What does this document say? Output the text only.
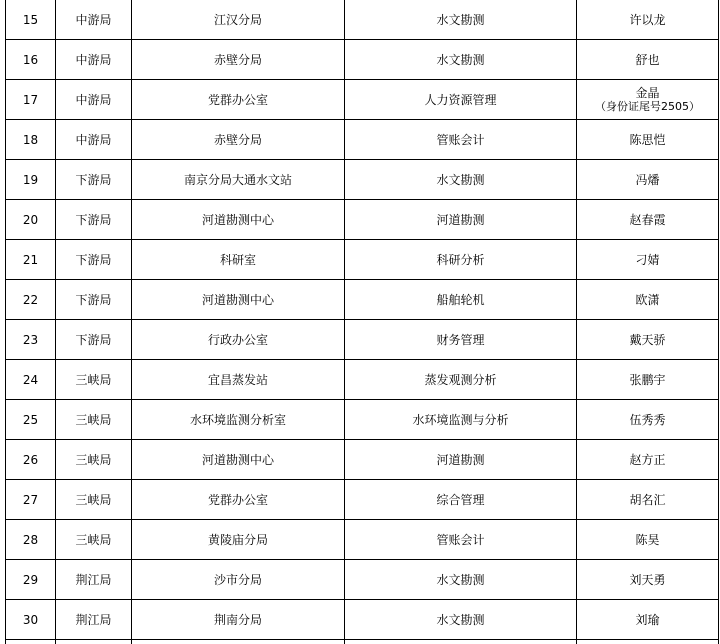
15	中游局	江汉分局	水文勘测	许以龙
16	中游局	赤壁分局	水文勘测	舒也
17	中游局	党群办公室	人力资源管理	金晶
（身份证尾号2505）

18	中游局	赤壁分局	管账会计	陈思恺
19	下游局	南京分局大通水文站	水文勘测	冯燔
20	下游局	河道勘测中心	河道勘测	赵春霞
21	下游局	科研室	科研分析	刁婧
22	下游局	河道勘测中心	船舶轮机	欧潇
23	下游局	行政办公室	财务管理	戴天骄
24	三峡局	宜昌蒸发站	蒸发观测分析	张鹏宇
25	三峡局	水环境监测分析室	水环境监测与分析	伍秀秀
26	三峡局	河道勘测中心	河道勘测	赵方正
27	三峡局	党群办公室	综合管理	胡名汇
28	三峡局	黄陵庙分局	管账会计	陈昊
29	荆江局	沙市分局	水文勘测	刘天勇
30	荆江局	荆南分局	水文勘测	刘瑜
